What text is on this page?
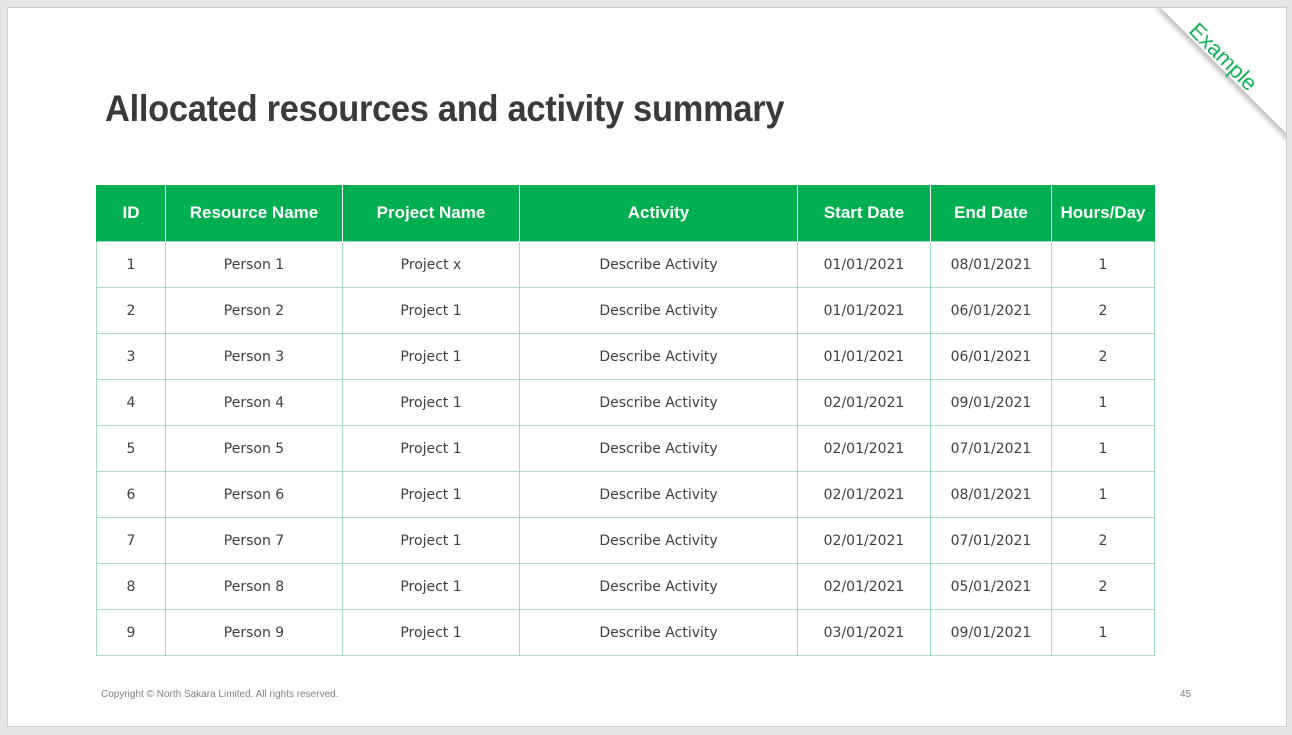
Allocated resources and activity summary
Example
ID	Resource Name	Project Name	Activity	Start Date	End Date	Hours/Day
1	Person 1	Project x	Describe Activity	01/01/2021	08/01/2021	1
2	Person 2	Project 1	Describe Activity	01/01/2021	06/01/2021	2
3	Person 3	Project 1	Describe Activity	01/01/2021	06/01/2021	2
4	Person 4	Project 1	Describe Activity	02/01/2021	09/01/2021	1
5	Person 5	Project 1	Describe Activity	02/01/2021	07/01/2021	1
6	Person 6	Project 1	Describe Activity	02/01/2021	08/01/2021	1
7	Person 7	Project 1	Describe Activity	02/01/2021	07/01/2021	2
8	Person 8	Project 1	Describe Activity	02/01/2021	05/01/2021	2
9	Person 9	Project 1	Describe Activity	03/01/2021	09/01/2021	1
Copyright © North Sakara Limited. All rights reserved.	45
